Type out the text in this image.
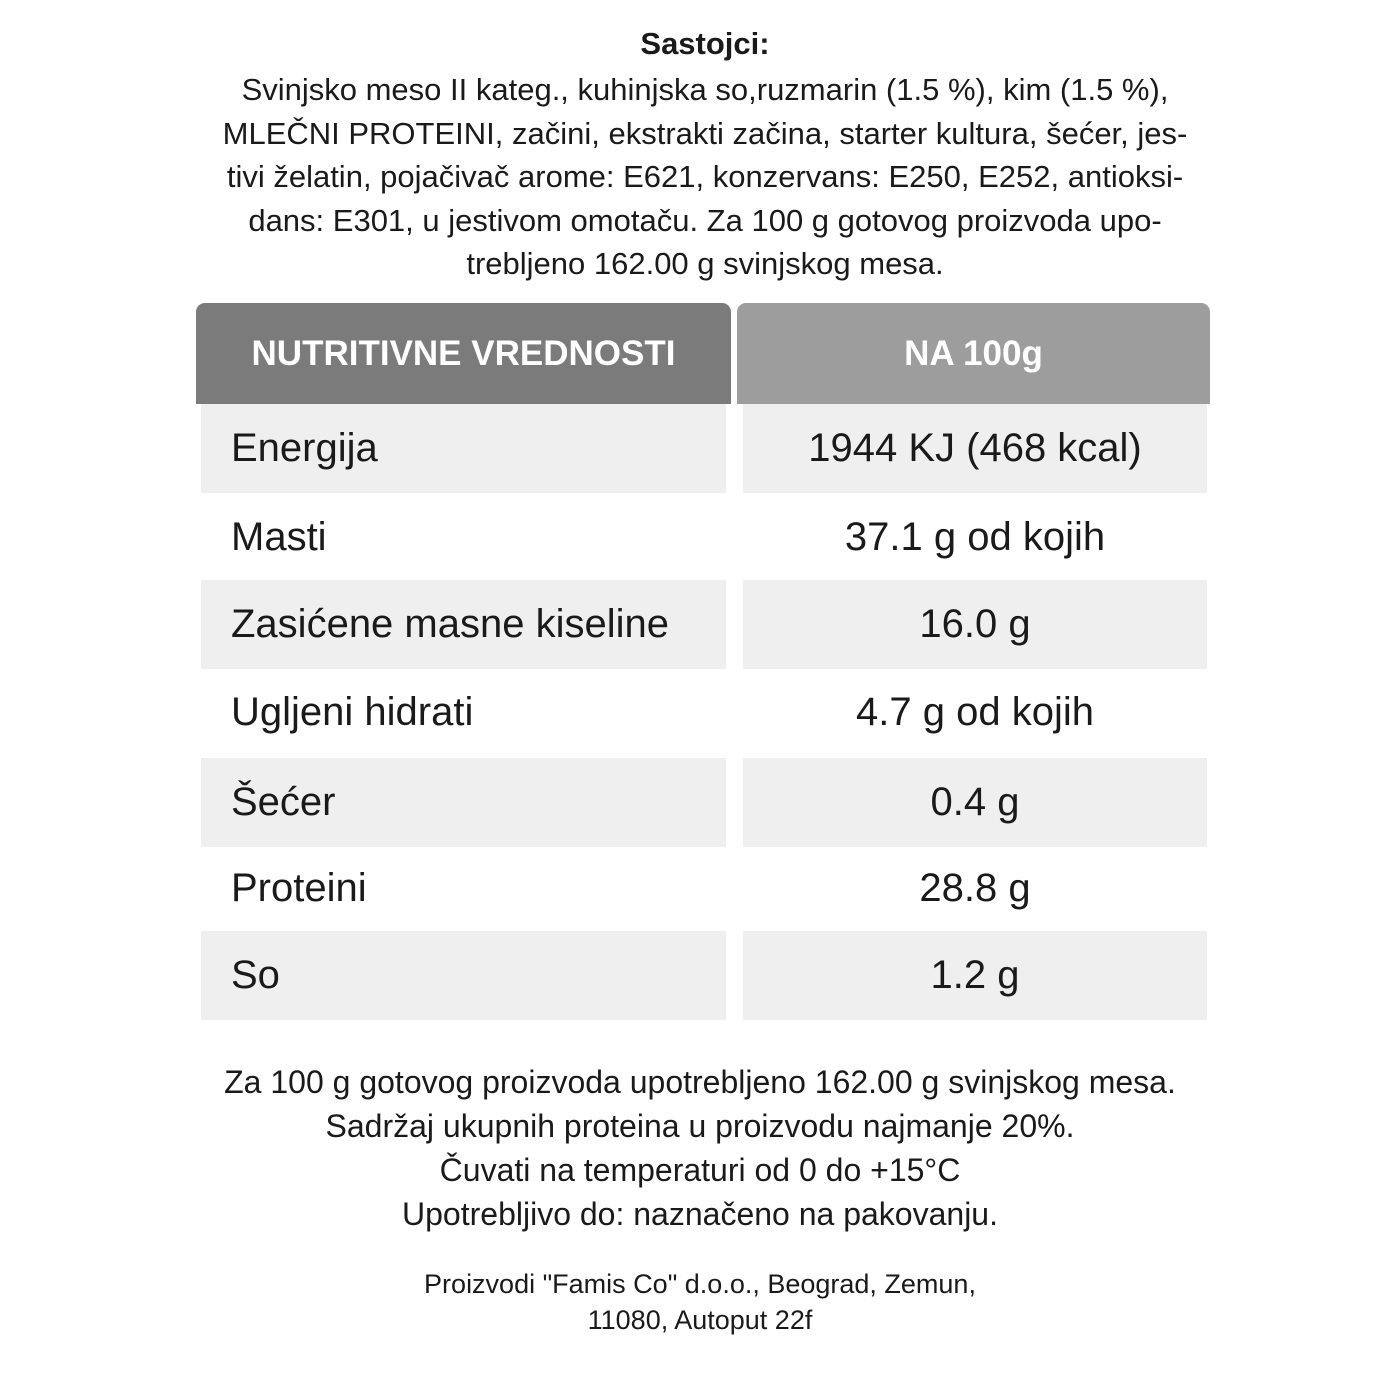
Sastojci:
Svinjsko meso II kateg., kuhinjska so,ruzmarin (1.5 %), kim (1.5 %),
MLEČNI PROTEINI, začini, ekstrakti začina, starter kultura, šećer, jes-
tivi želatin, pojačivač arome: E621, konzervans: E250, E252, antioksi-
dans: E301, u jestivom omotaču. Za 100 g gotovog proizvoda upo-
trebljeno 162.00 g svinjskog mesa.
NUTRITIVNE VREDNOSTI	NA 100g
Energija	1944 KJ (468 kcal)
Masti	37.1 g od kojih
Zasićene masne kiseline	16.0 g
Ugljeni hidrati	4.7 g od kojih
Šećer	0.4 g
Proteini	28.8 g
So	1.2 g
Za 100 g gotovog proizvoda upotrebljeno 162.00 g svinjskog mesa.
Sadržaj ukupnih proteina u proizvodu najmanje 20%.
Čuvati na temperaturi od 0 do +15°C
Upotrebljivo do: naznačeno na pakovanju.
Proizvodi "Famis Co" d.o.o., Beograd, Zemun,
11080, Autoput 22f
